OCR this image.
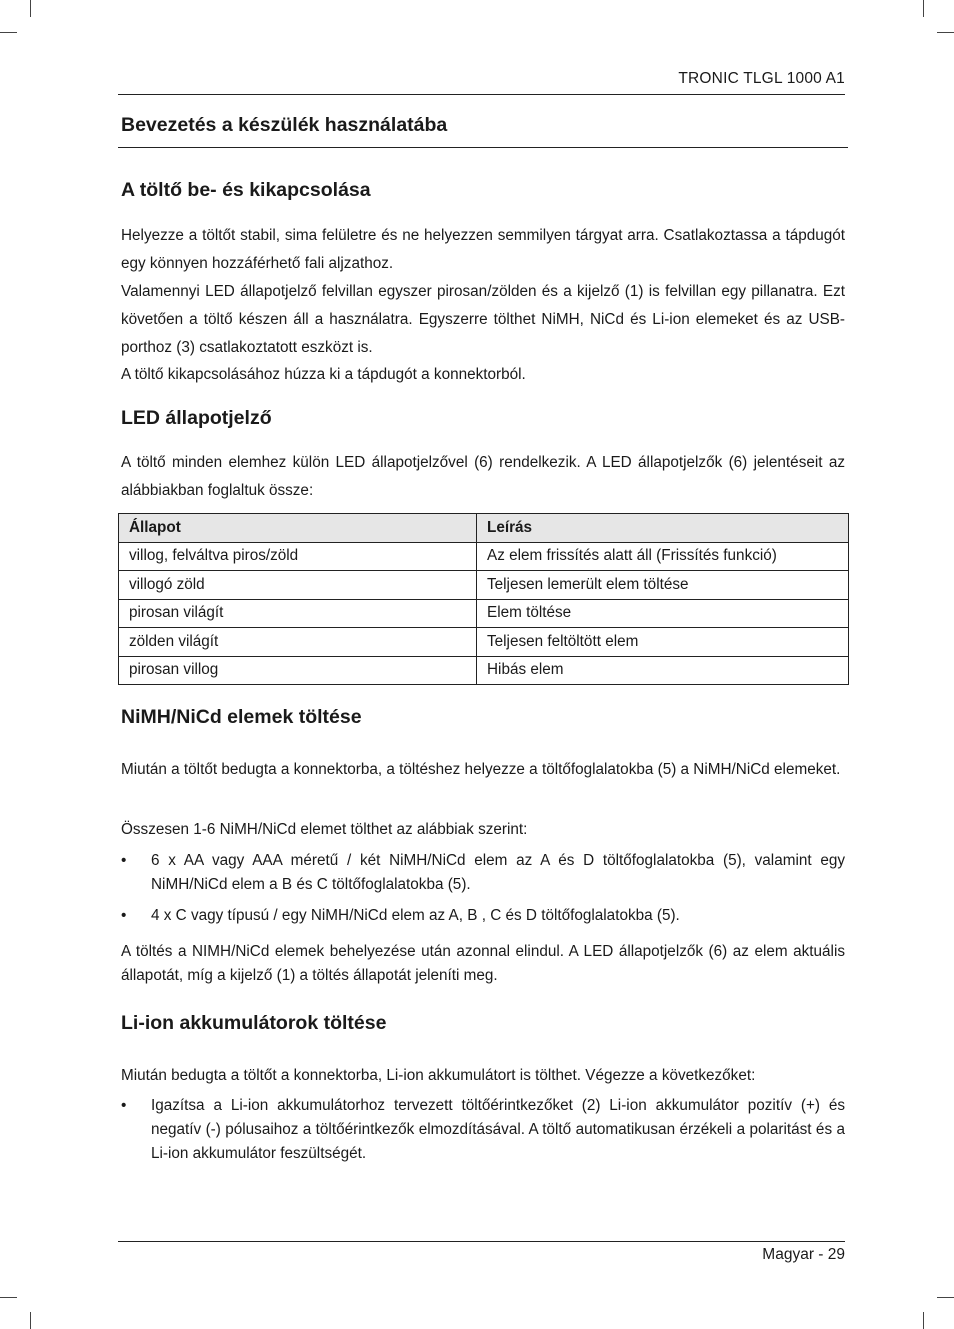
TRONIC TLGL 1000 A1
Bevezetés a készülék használatába
A töltő be- és kikapcsolása

Helyezze a töltőt stabil, sima felületre és ne helyezzen semmilyen tárgyat arra. Csatlakoztassa a tápdugót egy könnyen hozzáférhető fali aljzathoz.

Valamennyi LED állapotjelző felvillan egyszer pirosan/zölden és a kijelző (1) is felvillan egy pillanatra. Ezt követően a töltő készen áll a használatra. Egyszerre tölthet NiMH, NiCd és Li-ion elemeket és az USB-porthoz (3) csatlakoztatott eszközt is.

A töltő kikapcsolásához húzza ki a tápdugót a konnektorból.

LED állapotjelző

A töltő minden elemhez külön LED állapotjelzővel (6) rendelkezik. A LED állapotjelzők (6) jelentéseit az alábbiakban foglaltuk össze:

Állapot	Leírás
villog, felváltva piros/zöld	Az elem frissítés alatt áll (Frissítés funkció)
villogó zöld	Teljesen lemerült elem töltése
pirosan világít	Elem töltése
zölden világít	Teljesen feltöltött elem
pirosan villog	Hibás elem
NiMH/NiCd elemek töltése

Miután a töltőt bedugta a konnektorba, a töltéshez helyezze a töltőfoglalatokba (5) a NiMH/NiCd elemeket.

Összesen 1-6 NiMH/NiCd elemet tölthet az alábbiak szerint:

•	6 x AA vagy AAA méretű / két NiMH/NiCd elem az A és D töltőfoglalatokba (5), valamint egy NiMH/NiCd elem a B és C töltőfoglalatokba (5).
•	4 x C vagy típusú / egy NiMH/NiCd elem az A, B , C és D töltőfoglalatokba (5).

A töltés a NIMH/NiCd elemek behelyezése után azonnal elindul. A LED állapotjelzők (6) az elem aktuális állapotát, míg a kijelző (1) a töltés állapotát jeleníti meg.

Li-ion akkumulátorok töltése

Miután bedugta a töltőt a konnektorba, Li-ion akkumulátort is tölthet. Végezze a következőket:

•	Igazítsa a Li-ion akkumulátorhoz tervezett töltőérintkezőket (2) Li-ion akkumulátor pozitív (+) és negatív (-) pólusaihoz a töltőérintkezők elmozdításával. A töltő automatikusan érzékeli a polaritást és a Li-ion akkumulátor feszültségét.
Magyar - 29
